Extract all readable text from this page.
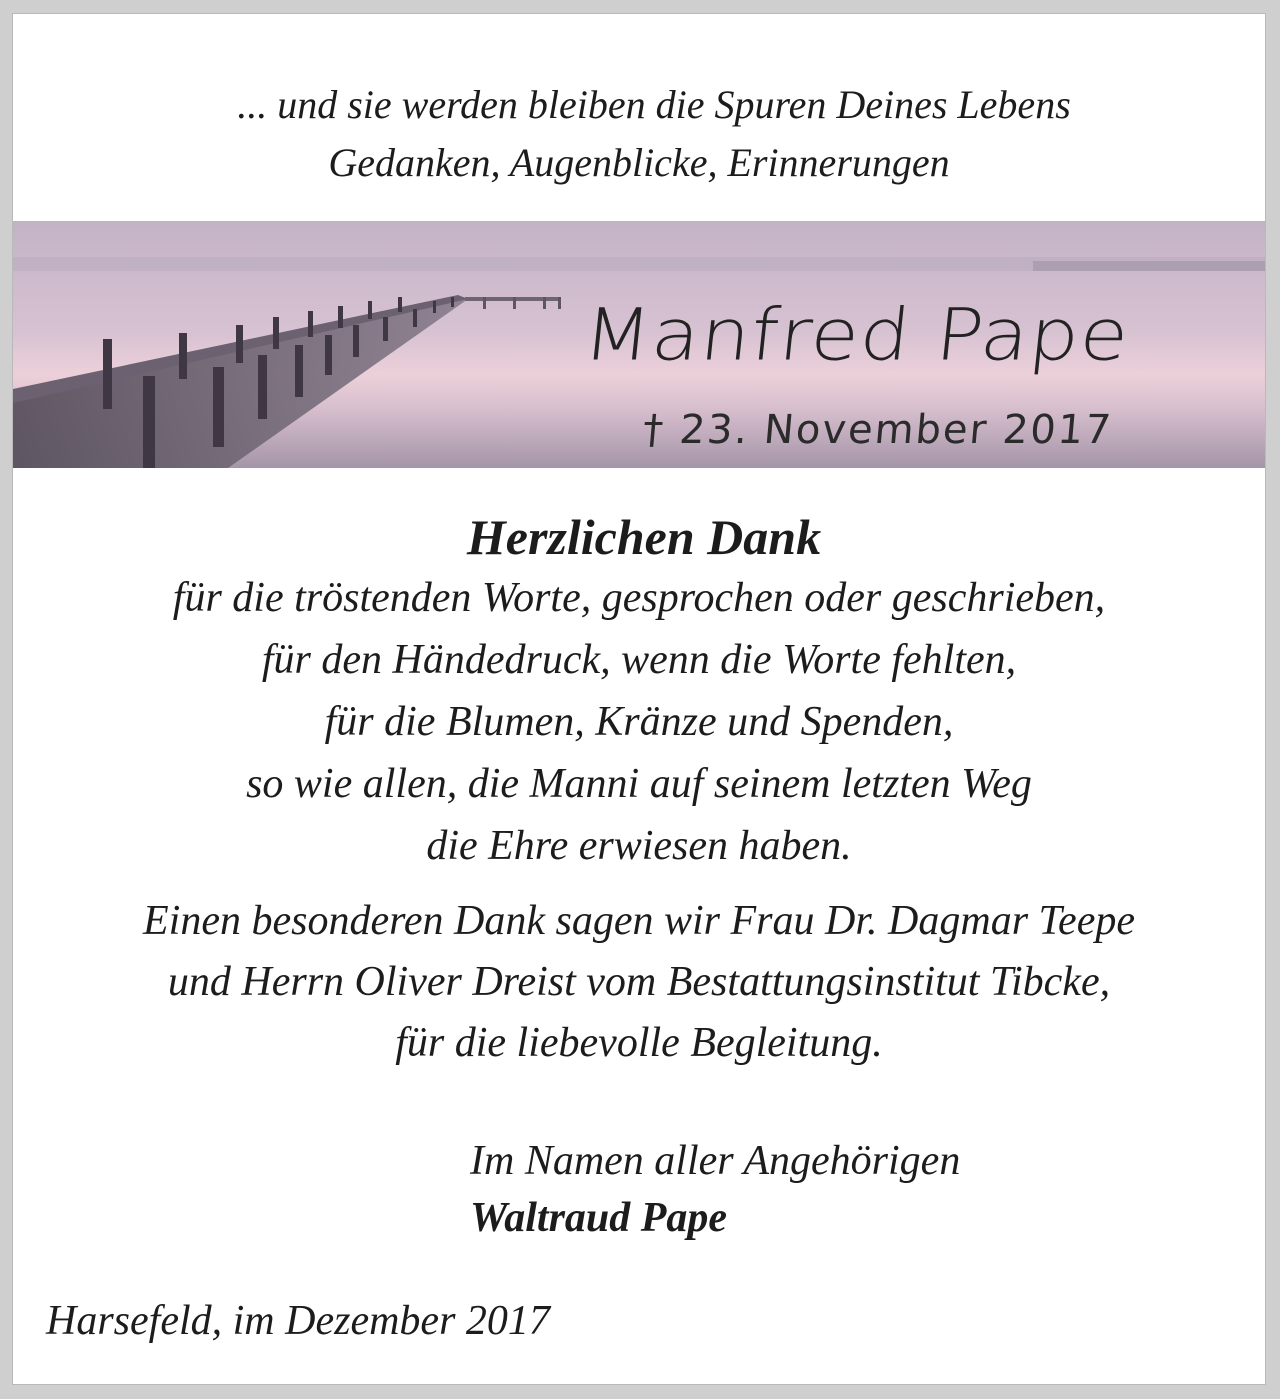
... und sie werden bleiben die Spuren Deines Lebens
Gedanken, Augenblicke, Erinnerungen
Manfred Pape
† 23. November 2017
Herzlichen Dank
für die tröstenden Worte, gesprochen oder geschrieben,
für den Händedruck, wenn die Worte fehlten,
für die Blumen, Kränze und Spenden,
so wie allen, die Manni auf seinem letzten Weg
die Ehre erwiesen haben.
Einen besonderen Dank sagen wir Frau Dr. Dagmar Teepe
und Herrn Oliver Dreist vom Bestattungsinstitut Tibcke,
für die liebevolle Begleitung.
Im Namen aller Angehörigen
Waltraud Pape
Harsefeld, im Dezember 2017
